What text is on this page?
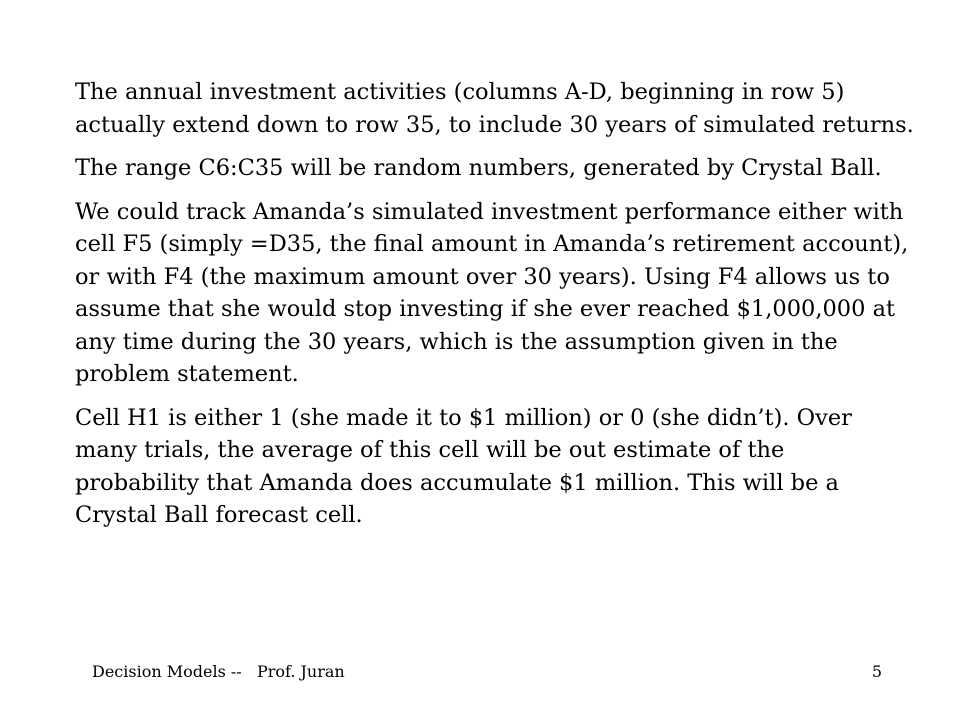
The annual investment activities (columns A-D, beginning in row 5) actually extend down to row 35, to include 30 years of simulated returns.

The range C6:C35 will be random numbers, generated by Crystal Ball.

We could track Amanda’s simulated investment performance either with cell F5 (simply =D35, the final amount in Amanda’s retirement account), or with F4 (the maximum amount over 30 years). Using F4 allows us to assume that she would stop investing if she ever reached $1,000,000 at any time during the 30 years, which is the assumption given in the problem statement.

Cell H1 is either 1 (she made it to $1 million) or 0 (she didn’t). Over many trials, the average of this cell will be out estimate of the probability that Amanda does accumulate $1 million. This will be a Crystal Ball forecast cell.

Decision Models --   Prof. Juran	5
